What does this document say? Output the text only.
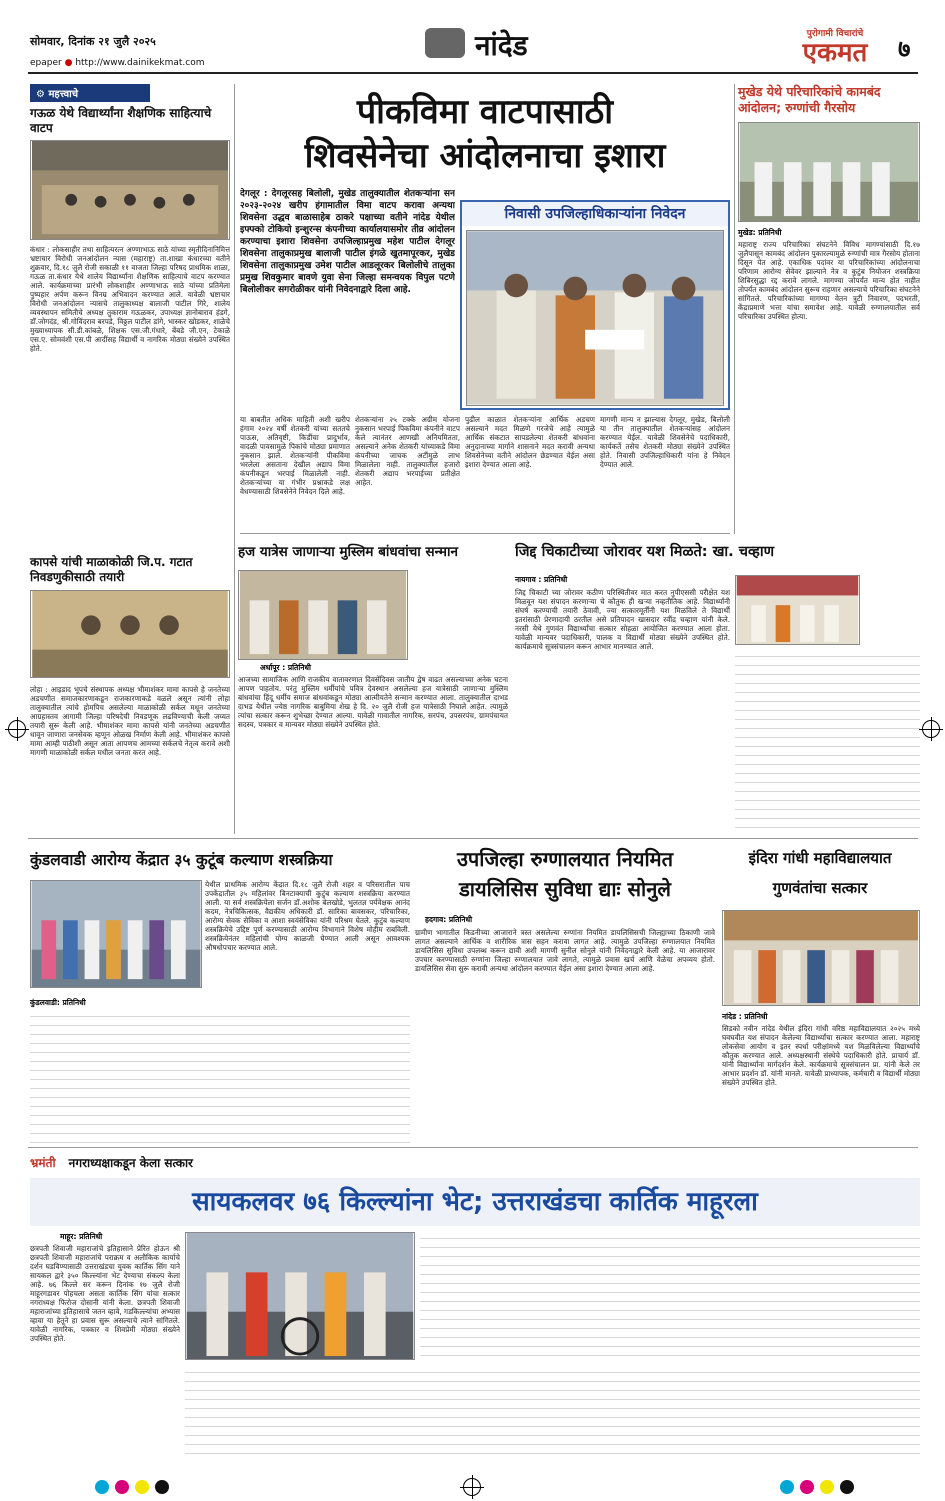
सोमवार, दिनांक २१ जुलै २०२५
epaper ● http://www.dainikekmat.com
नांदेड	पुरोगामी विचारांचे
एकमत	७
⚙ महत्त्वाचे
गऊळ येथे विद्यार्थ्यांना शैक्षणिक साहित्याचे वाटप
कंधार : लोकसाहीर तथा साहित्यरत्न अण्णाभाऊ साठे यांच्या स्मृतीदिनानिमित्त भ्रष्टाचार विरोधी जनआंदोलन न्यास (महाराष्ट्र) ता.शाखा कंधारच्या वतीने शुक्रवार, दि.१८ जुलै रोजी सकाळी ११ वाजता जिल्हा परिषद प्राथमिक शाळा, गऊळ ता.कंधार येथे शालेय विद्यार्थ्यांना शैक्षणिक साहित्याचे वाटप करण्यात आले. कार्यक्रमाच्या प्रारंभी लोकशाहीर अण्णाभाऊ साठे यांच्या प्रतिमेला पुष्पहार अर्पण करून विनम्र अभिवादन करण्यात आले. यावेळी भ्रष्टाचार विरोधी जनआंदोलन न्यासचे तालुकाध्यक्ष बालाजी पाटील गिरे, शालेय व्यवस्थापन समितीचे अध्यक्ष तुकाराम गऊळकर, उपाध्यक्ष ज्ञानोबाराव हंडगे, डॉ.जोगदंड, श्री.गोविंदराव बरपडे, विठ्ठल पाटील डांगे, भास्कर खोडकर, शाळेचे मुख्याध्यापक सी.डी.कांबळे, शिक्षक एस.जी.गंधारे, बेंबडे जी.एन, टेकाळे एस.ए. सोमवंशी एस.पी आदींसह विद्यार्थी व नागरिक मोठ्या संख्येने उपस्थित होते.
कापसे यांची माळाकोळी जि.प. गटात निवडणुकीसाठी तयारी
लोहा : आइडाद भूपचे संस्थापक अध्यक्ष भीमाशंकर मामा कापसे हे जनतेच्या अडचणीत समाजकारणाकडून राजकारणाकडे वळले असून त्यांनी लोहा तालुक्यातील त्यांचे होमपिच असलेल्या माळाकोळी सर्कल मधून जनतेच्या आग्रहास्तव आगामी जिल्हा परिषदेची निवडणूक लढविण्याची केली जय्यत तयारी सुरू केली आहे. भीमाशंकर मामा कापसे यांनी जनतेच्या अडचणीत धावून जाणारा जनसेवक म्हणून ओळख निर्माण केली आहे. भीमाशंकर कापसे मामा आम्ही पाठीशी असून आता आपणच आमच्या सर्कलचे नेतृत्व करावे अशी मागणी माळाकोळी सर्कल मधील जनता करत आहे.
पीकविमा वाटपासाठी
शिवसेनेचा आंदोलनाचा इशारा
देगलूर : देगलूरसह बिलोली, मुखेड तालुक्यातील शेतकऱ्यांना सन २०२३-२०२४ खरीप हंगामातील विमा वाटप करावा अन्यथा शिवसेना उद्धव बाळासाहेब ठाकरे पक्षाच्या वतीने नांदेड येथील इफ्फ्को टोकियो इन्शुरन्स कंपनीच्या कार्यालयासमोर तीव्र आंदोलन करण्याचा इशारा शिवसेना उपजिल्हाप्रमुख महेश पाटील देगलूर शिवसेना तालुकाप्रमुख बालाजी पाटील इंगळे खुतमापूरकर, मुखेड शिवसेना तालुकाप्रमुख उमेश पाटील आडलूरकर बिलोलीचे तालुका प्रमुख शिवकुमार बावणे युवा सेना जिल्हा समन्वयक विपुल पटणे बिलोलीकर सगरोळीकर यांनी निवेदनाद्वारे दिला आहे.
निवासी उपजिल्हाधिकाऱ्यांना निवेदन
या बाबतीत अधिक माहिती अशी खरीप हंगाम २०२४ वर्षी शेतकरी यांच्या सततचे पाऊस, अतिवृष्टी, किडींचा प्रादुर्भाव, वादळी पावसामुळे पिकांचे मोठ्या प्रमाणात नुकसान झाले. शेतकऱ्यांनी पीकविमा भरलेला असताना देखील अद्याप विमा कंपनीकडून भरपाई मिळालेली नाही. शेतकऱ्यांच्या या गंभीर प्रश्नाकडे लक्ष वेधण्यासाठी शिवसेनेने निवेदन दिले आहे.
शेतकऱ्यांना २५ टक्के अग्रीम योजना नुकसान भरपाई पिकविमा कंपनीने वाटप केले त्यानंतर आणखी अनियमितता, असल्याने अनेक शेतकरी यांच्याकडे विमा कंपनीच्या जाचक अटींमुळे लाभ मिळालेला नाही. तालुक्यातील हजारो शेतकरी अद्याप भरपाईच्या प्रतीक्षेत आहेत.
पुढील काळात शेतकऱ्यांना आर्थिक अडचण असल्याने मदत मिळणे गरजेचे आहे त्यामुळे आर्थिक संकटात सापडलेल्या शेतकरी बांधवांना अनुदानाच्या मार्गाने शासनाने मदत करावी अन्यथा शिवसेनेच्या वतीने आंदोलन छेडण्यात येईल असा इशारा देण्यात आला आहे.
मागणी मान्य न झाल्यास देगलूर, मुखेड, बिलोली या तीन तालुक्यातील शेतकऱ्यांसह आंदोलन करण्यात येईल. यावेळी शिवसेनेचे पदाधिकारी, कार्यकर्ते तसेच शेतकरी मोठ्या संख्येने उपस्थित होते. निवासी उपजिल्हाधिकारी यांना हे निवेदन देण्यात आले.
मुखेड येथे परिचारिकांचे कामबंद आंदोलन; रुग्णांची गैरसोय
मुखेड: प्रतिनिधी
महाराष्ट्र राज्य परिचारिका संघटनेने विविध मागण्यांसाठी दि.१७ जुलैपासून कामबंद आंदोलन पुकारल्यामुळे रुग्णांची मात्र गैरसोय होताना दिसून येत आहे. एकाधिक पदांवर या परिचारिकांच्या आंदोलनाचा परिणाम आरोग्य सेवेवर झाल्याने नेत्र व कुटुंब नियोजन शस्त्रक्रिया शिबिरसुद्धा रद्द करावे लागले. मागण्या जोपर्यंत मान्य होत नाहीत तोपर्यंत कामबंद आंदोलन सुरूच राहणार असल्याचे परिचारिका संघटनेने सांगितले. परिचारिकांच्या मागण्या वेतन त्रुटी निवारण, पदभरती, केंद्राप्रमाणे भत्ता यांचा समावेश आहे. यावेळी रुग्णालयातील सर्व परिचारिका उपस्थित होत्या.
हज यात्रेस जाणाऱ्या मुस्लिम बांधवांचा सन्मान
अर्धापूर : प्रतिनिधी
आजच्या सामाजिक आणि राजकीय वातावरणात दिवसेंदिवस जातीय द्वेष वाढत असल्याच्या अनेक घटना आपण पाहतोय. परंतु मुस्लिम धर्मीयांचे पवित्र देवस्थान असलेल्या हज यात्रेसाठी जाणाऱ्या मुस्लिम बांधवांचा हिंदू धर्मीय समाज बांधवांकडून मोठ्या आत्मीयतेने सन्मान करण्यात आला. तालुक्यातील दाभड दाभड येथील ज्येष्ठ नागरिक बाबुमिया शेख हे दि. २० जुलै रोजी हज यात्रेसाठी निघाले आहेत. त्यामुळे त्यांचा सत्कार करून शुभेच्छा देण्यात आल्या. यावेळी गावातील नागरिक, सरपंच, उपसरपंच, ग्रामपंचायत सदस्य, पत्रकार व मान्यवर मोठ्या संख्येने उपस्थित होते.
जिद्द चिकाटीच्या जोरावर यश मिळते: खा. चव्हाण
नायगाव : प्रतिनिधी
जिद्द चिकाटी च्या जोरावर कठीण परिस्थितीवर मात करत नुपीएससी परीक्षेत यश मिळवून यश संपादन करणाऱ्या चे कौतुक ही खऱ्या नव्हतीतिक आहे. विद्यार्थ्यांनी संघर्ष करण्याची तयारी ठेवावी, ज्या सत्कारमूर्तींनी यश मिळविले ते विद्यार्थी इतरांसाठी प्रेरणादायी ठरतील असे प्रतिपादन खासदार रवींद्र चव्हाण यांनी केले. नरसी येथे गुणवंत विद्यार्थ्यांचा सत्कार सोहळा आयोजित करण्यात आला होता. यावेळी मान्यवर पदाधिकारी, पालक व विद्यार्थी मोठ्या संख्येने उपस्थित होते. कार्यक्रमाचे सूत्रसंचालन करून आभार मानण्यात आले.
कुंडलवाडी आरोग्य केंद्रात ३५ कुटूंब कल्याण शस्त्रक्रिया
येथील प्राथमिक आरोग्य केंद्रात दि.१८ जुलै रोजी शहर व परिसरातील पाच उपकेंद्रातील ३५ महिलांवर बिनटाक्याची कुटुंब कल्याण शस्त्रक्रिया करण्यात आली. या सर्व शस्त्रक्रियेला सर्जन डॉ.अशोक बेलखोडे, भुलतज्ञ पर्यवेक्षक आनंद कदम, नेत्रचिकित्सक, वैद्यकीय अधिकारी डॉ. सारिका बावसकर, परिचारिका, आरोग्य सेवक सेविका व आशा स्वयंसेविका यांनी परिश्रम घेतले. कुटुंब कल्याण शस्त्रक्रियेचे उद्दिष्ट पूर्ण करण्यासाठी आरोग्य विभागाने विशेष मोहीम राबविली. शस्त्रक्रियेनंतर महिलांची योग्य काळजी घेण्यात आली असून आवश्यक औषधोपचार करण्यात आले.
कुंडलवाडी: प्रतिनिधी
उपजिल्हा रुग्णालयात नियमित
डायलिसिस सुविधा द्याः सोनुले
हदगाव: प्रतिनिधी
ग्रामीण भागातील किडनीच्या आजाराने त्रस्त असलेल्या रुग्णांना नियमित डायलिसिसची जिल्ह्याच्या ठिकाणी जावे लागत असल्याने आर्थिक व शारीरिक त्रास सहन करावा लागत आहे. त्यामुळे उपजिल्हा रुग्णालयात नियमित डायलिसिस सुविधा उपलब्ध करून द्यावी अशी मागणी सुनील सोनुले यांनी निवेदनाद्वारे केली आहे. या आजारावर उपचार करण्यासाठी रुग्णांना जिल्हा रुग्णालयात जावे लागते, त्यामुळे प्रवास खर्च आणि वेळेचा अपव्यय होतो. डायलिसिस सेवा सुरू करावी अन्यथा आंदोलन करण्यात येईल असा इशारा देण्यात आला आहे.
इंदिरा गांधी महाविद्यालयात
गुणवंतांचा सत्कार
नांदेड : प्रतिनिधी
सिडको नवीन नांदेड येथील इंदिरा गांधी वरिष्ठ महाविद्यालयात २०२५ मध्ये घवघवीत यश संपादन केलेल्या विद्यार्थ्यांचा सत्कार करण्यात आला. महाराष्ट्र लोकसेवा आयोग व इतर स्पर्धा परीक्षांमध्ये यश मिळविलेल्या विद्यार्थ्यांचे कौतुक करण्यात आले. अध्यक्षस्थानी संस्थेचे पदाधिकारी होते. प्राचार्य डॉ. यांनी विद्यार्थ्यांना मार्गदर्शन केले. कार्यक्रमाचे सूत्रसंचालन प्रा. यांनी केले तर आभार प्रदर्शन डॉ. यांनी मानले. यावेळी प्राध्यापक, कर्मचारी व विद्यार्थी मोठ्या संख्येने उपस्थित होते.
भ्रमंती नगराध्यक्षाकडून केला सत्कार
सायकलवर ७६ किल्ल्यांना भेट; उत्तराखंडचा कार्तिक माहूरला
माहूर: प्रतिनिधी
छत्रपती शिवाजी महाराजांचे इतिहासाने प्रेरित होऊन श्री छत्रपती शिवाजी महाराजांचे पराक्रम व अलौकिक कार्याचे दर्शन घडविण्यासाठी उत्तराखंडचा युवक कार्तिक सिंग याने सायकल द्वारे ३५० किल्ल्यांना भेट देण्याचा संकल्प केला आहे. ७६ किल्ले सर करून दिनांक १७ जुलै रोजी माहूरगडावर पोहचला असता कार्तिक सिंग यांचा सत्कार नगराध्यक्ष फिरोज दोसानी यांनी केला. छत्रपती शिवाजी महाराजांच्या इतिहासाचे जतन व्हावे, गडकिल्ल्यांचा अभ्यास व्हावा या हेतूने हा प्रवास सुरू असल्याचे त्याने सांगितले. यावेळी नागरिक, पत्रकार व शिवप्रेमी मोठ्या संख्येने उपस्थित होते.
